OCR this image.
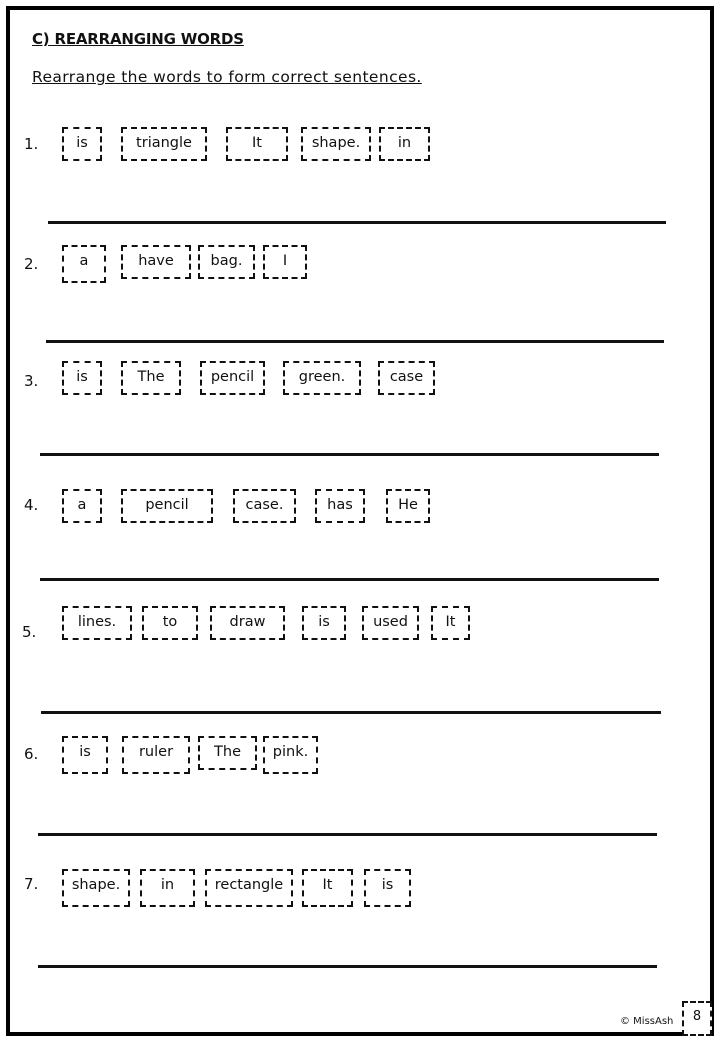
C) REARRANGING WORDS

Rearrange the words to form correct sentences.

1.	is	triangle	It	shape.	in
2.	a	have	bag.	I
3.	is	The	pencil	green.	case
4.	a	pencil	case.	has	He
5.
lines.	to	draw	is	used	It
6.	is	ruler	The	pink.
7.	shape.	in	rectangle	It	is
© MissAsh	8
